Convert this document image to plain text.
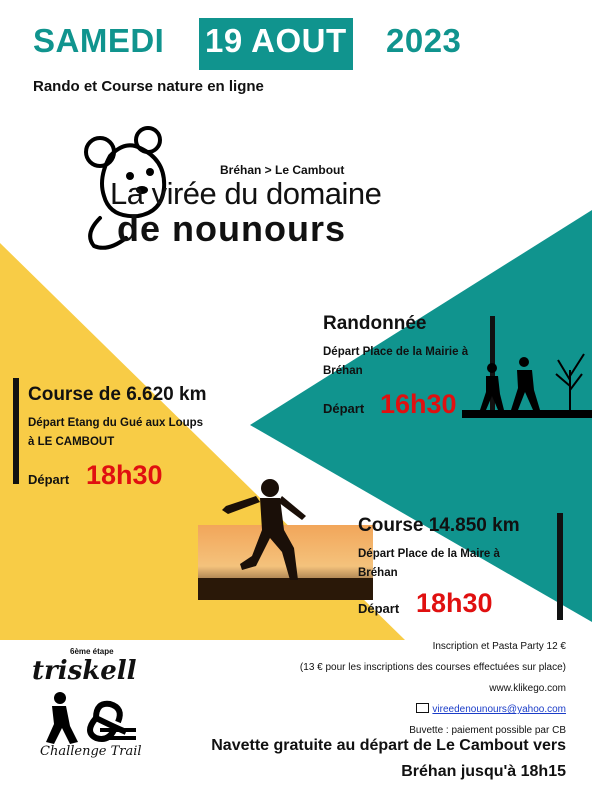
SAMEDI 19 AOUT 2023
Rando et Course nature en ligne
Bréhan > Le Cambout
La virée du domaine
de nounours
Randonnée
Départ Place de la Mairie à
Bréhan
Départ 16h30
Course de 6.620 km
Départ Etang du Gué aux Loups
à LE CAMBOUT
Départ 18h30
Course 14.850 km
Départ Place de la Maire à
Bréhan
Départ 18h30
6ème étape
triskell
Challenge Trail
Inscription et Pasta Party 12 €
(13 € pour les inscriptions des courses effectuées sur place)
www.klikego.com
vireedenounours@yahoo.com
Buvette : paiement possible par CB
Navette gratuite au départ de Le Cambout vers
Bréhan jusqu'à 18h15
